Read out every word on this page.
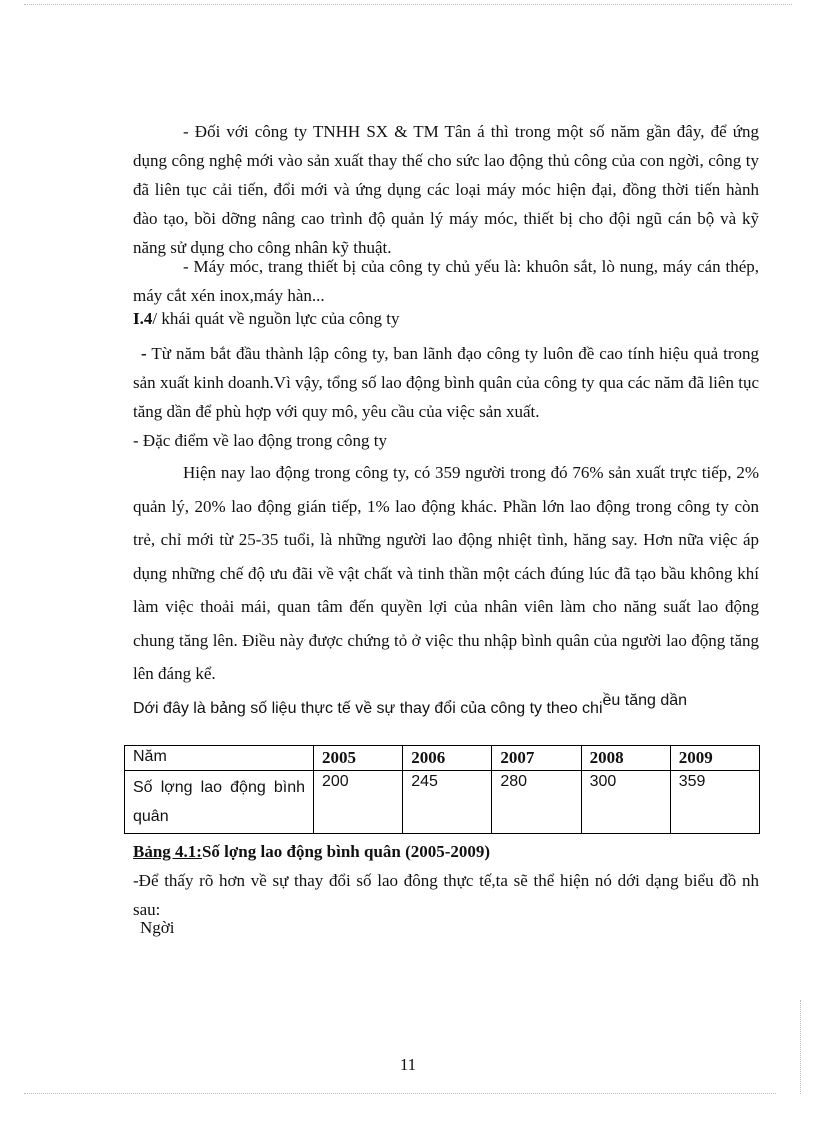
- Đối với công ty TNHH SX & TM Tân á thì trong một số năm gần đây, để ứng dụng công nghệ mới vào sản xuất thay thế cho sức lao động thủ công của con ngời, công ty đã liên tục cải tiến, đổi mới và ứng dụng các loại máy móc hiện đại, đồng thời tiến hành đào tạo, bồi dỡng nâng cao trình độ quản lý máy móc, thiết bị cho đội ngũ cán bộ và kỹ năng sử dụng cho công nhân kỹ thuật.

- Máy móc, trang thiết bị của công ty chủ yếu là: khuôn sắt, lò nung, máy cán thép, máy cắt xén inox,máy hàn...

I.4/ khái quát về nguồn lực của công ty

- Từ năm bắt đầu thành lập công ty, ban lãnh đạo công ty luôn đề cao tính hiệu quả trong sản xuất kinh doanh.Vì vậy, tổng số lao động bình quân của công ty qua các năm đã liên tục tăng dần để phù hợp với quy mô, yêu cầu của việc sản xuất.

- Đặc điểm về lao động trong công ty

Hiện nay lao động trong công ty, có 359 người trong đó 76% sản xuất trực tiếp, 2% quản lý, 20% lao động gián tiếp, 1% lao động khác. Phần lớn lao động trong công ty còn trẻ, chỉ mới từ 25-35 tuổi, là những người lao động nhiệt tình, hăng say. Hơn nữa việc áp dụng những chế độ ưu đãi về vật chất và tinh thần một cách đúng lúc đã tạo bầu không khí làm việc thoải mái, quan tâm đến quyền lợi của nhân viên làm cho năng suất lao động chung tăng lên. Điều này được chứng tỏ ở việc thu nhập bình quân của người lao động tăng lên đáng kể.

Dới đây là bảng số liệu thực tế về sự thay đổi của công ty theo chiều tăng dần

Năm	2005	2006	2007	2008	2009
Số lợng lao động bình quân	200	245	280	300	359

Bảng 4.1:Số lợng lao động bình quân (2005-2009)

-Để thấy rõ hơn về sự thay đổi số lao đông thực tế,ta sẽ thể hiện nó dới dạng biểu đồ nh sau:

Ngời

11
